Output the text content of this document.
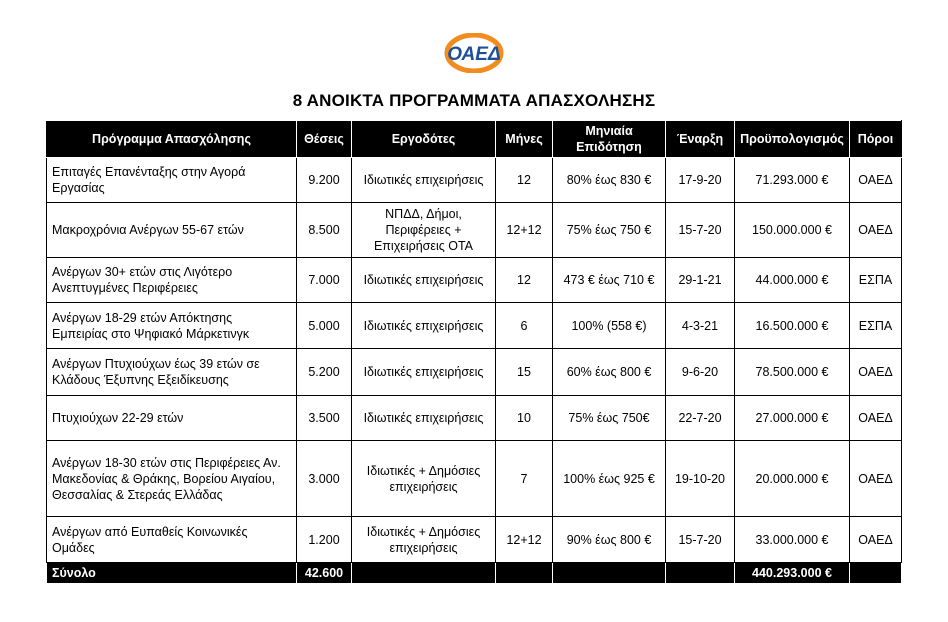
ΟΑΕΔ
8 ΑΝΟΙΚΤΑ ΠΡΟΓΡΑΜΜΑΤΑ ΑΠΑΣΧΟΛΗΣΗΣ
Πρόγραμμα Απασχόλησης	Θέσεις	Εργοδότες	Μήνες	Μηνιαία Επιδότηση	Έναρξη	Προϋπολογισμός	Πόροι
Επιταγές Επανένταξης στην Αγορά Εργασίας	9.200	Ιδιωτικές επιχειρήσεις	12	80% έως 830 €	17-9-20	71.293.000 €	ΟΑΕΔ
Μακροχρόνια Ανέργων 55-67 ετών	8.500	ΝΠΔΔ, Δήμοι, Περιφέρειες + Επιχειρήσεις ΟΤΑ	12+12	75% έως 750 €	15-7-20	150.000.000 €	ΟΑΕΔ
Ανέργων 30+ ετών στις Λιγότερο Ανεπτυγμένες Περιφέρειες	7.000	Ιδιωτικές επιχειρήσεις	12	473 € έως 710 €	29-1-21	44.000.000 €	ΕΣΠΑ
Ανέργων 18-29 ετών Απόκτησης Εμπειρίας στο Ψηφιακό Μάρκετινγκ	5.000	Ιδιωτικές επιχειρήσεις	6	100% (558 €)	4-3-21	16.500.000 €	ΕΣΠΑ
Ανέργων Πτυχιούχων έως 39 ετών σε Κλάδους Έξυπνης Εξειδίκευσης	5.200	Ιδιωτικές επιχειρήσεις	15	60% έως 800 €	9-6-20	78.500.000 €	ΟΑΕΔ
Πτυχιούχων 22-29 ετών	3.500	Ιδιωτικές επιχειρήσεις	10	75% έως 750€	22-7-20	27.000.000 €	ΟΑΕΔ
Ανέργων 18-30 ετών στις Περιφέρειες Αν. Μακεδονίας & Θράκης, Βορείου Αιγαίου, Θεσσαλίας & Στερεάς Ελλάδας	3.000	Ιδιωτικές + Δημόσιες επιχειρήσεις	7	100% έως 925 €	19-10-20	20.000.000 €	ΟΑΕΔ
Ανέργων από Ευπαθείς Κοινωνικές Ομάδες	1.200	Ιδιωτικές + Δημόσιες επιχειρήσεις	12+12	90% έως 800 €	15-7-20	33.000.000 €	ΟΑΕΔ
Σύνολο	42.600					440.293.000 €	
